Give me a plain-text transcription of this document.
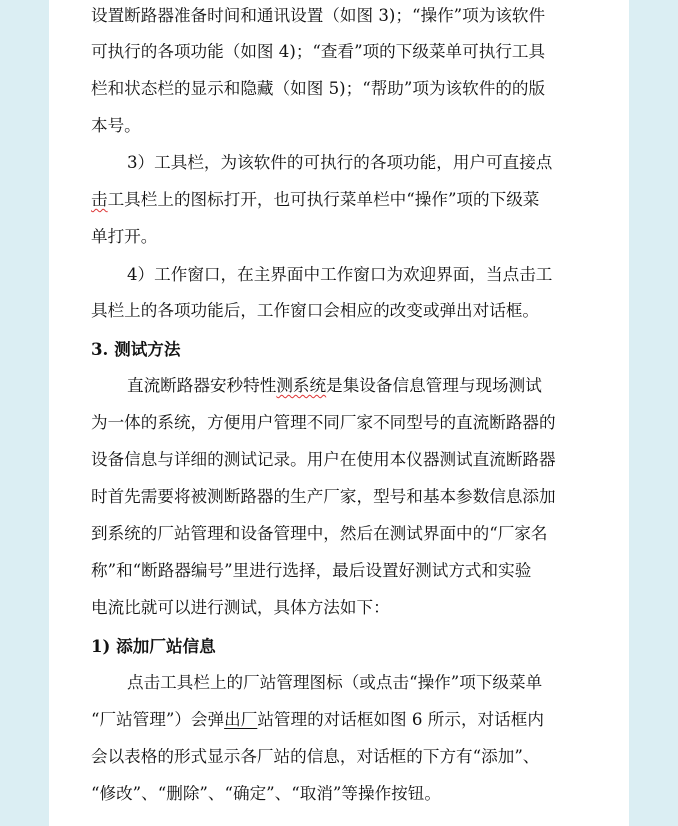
设置断路器准备时间和通讯设置（如图 3)；“操作”项为该软件
可执行的各项功能（如图 4)；“查看”项的下级菜单可执行工具
栏和状态栏的显示和隐藏（如图 5)；“帮助”项为该软件的的版
本号。
3）工具栏，为该软件的可执行的各项功能，用户可直接点
击工具栏上的图标打开，也可执行菜单栏中“操作”项的下级菜
单打开。
4）工作窗口，在主界面中工作窗口为欢迎界面，当点击工
具栏上的各项功能后，工作窗口会相应的改变或弹出对话框。
3. 测试方法
直流断路器安秒特性测系统是集设备信息管理与现场测试
为一体的系统，方便用户管理不同厂家不同型号的直流断路器的
设备信息与详细的测试记录。用户在使用本仪器测试直流断路器
时首先需要将被测断路器的生产厂家，型号和基本参数信息添加
到系统的厂站管理和设备管理中，然后在测试界面中的“厂家名
称”和“断路器编号”里进行选择，最后设置好测试方式和实验
电流比就可以进行测试，具体方法如下：
1) 添加厂站信息
点击工具栏上的厂站管理图标（或点击“操作”项下级菜单
“厂站管理”）会弹出厂站管理的对话框如图 6 所示，对话框内
会以表格的形式显示各厂站的信息，对话框的下方有“添加”、
“修改”、“删除”、“确定”、“取消”等操作按钮。
